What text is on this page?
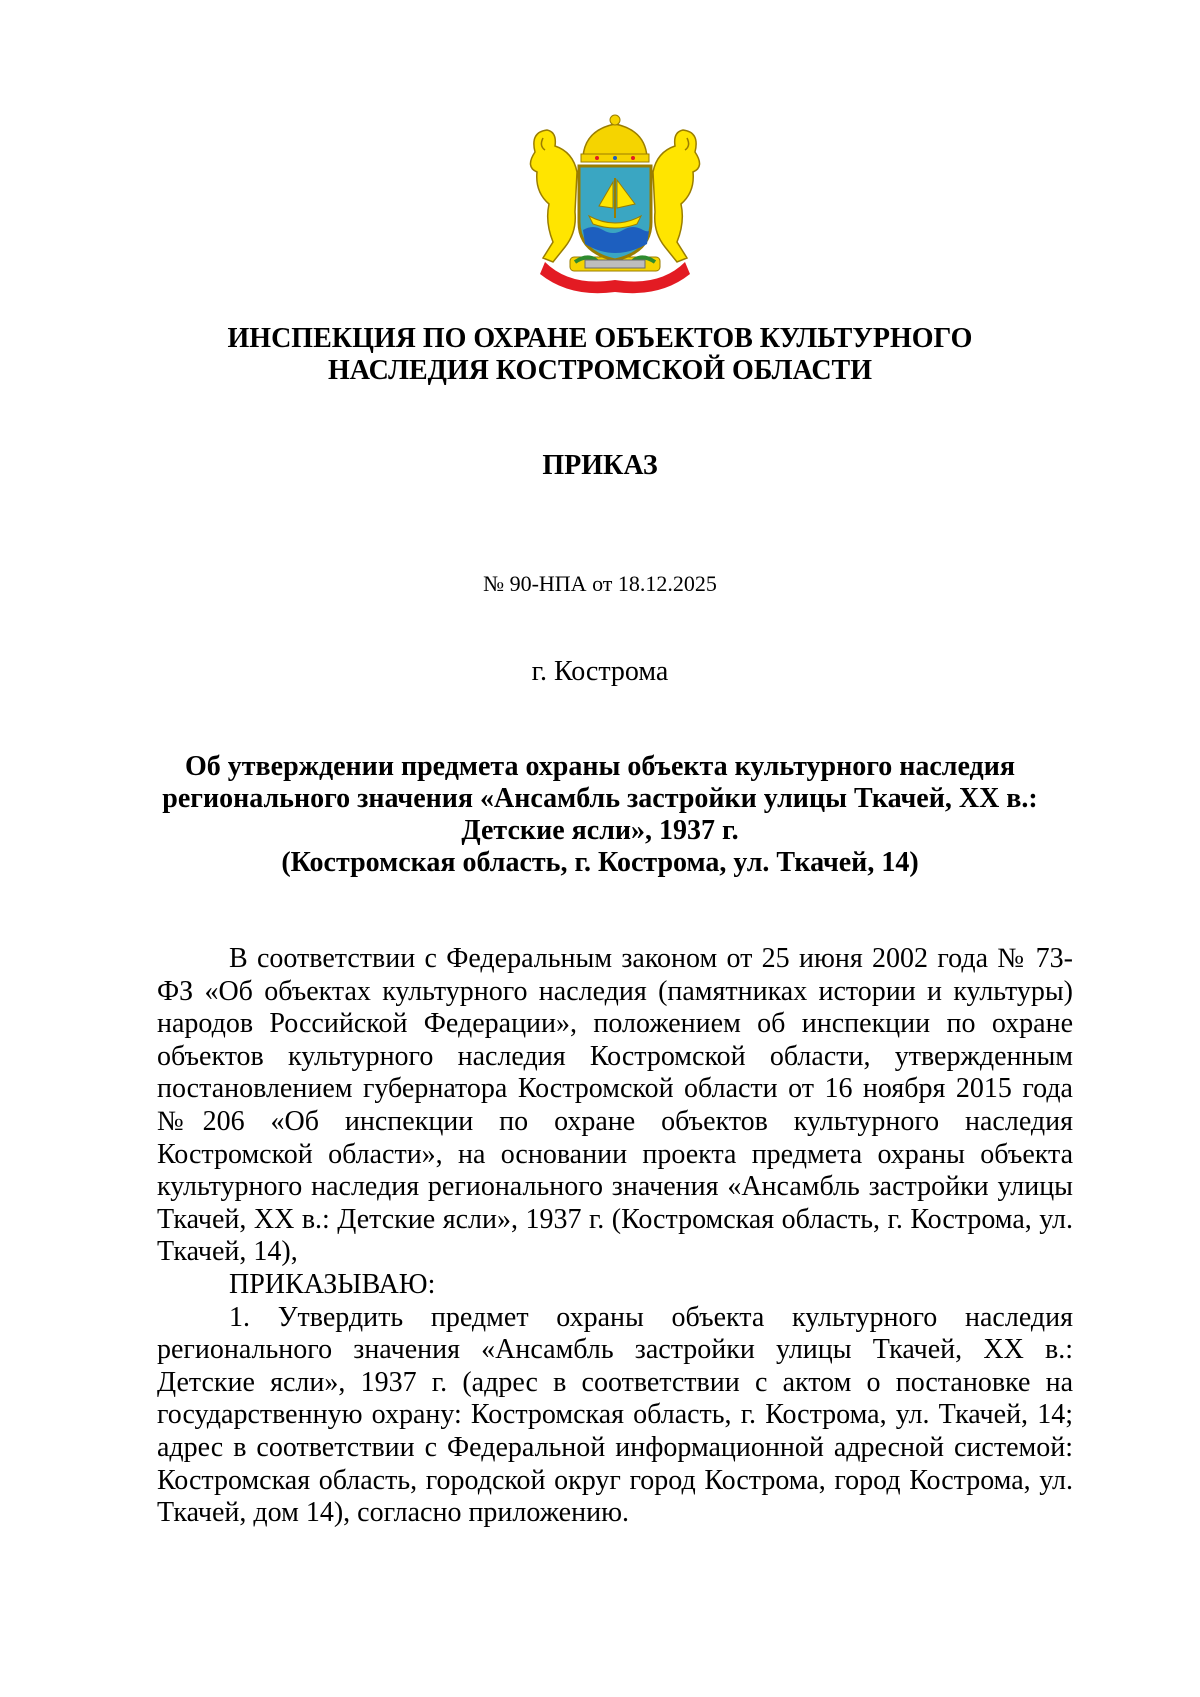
ИНСПЕКЦИЯ ПО ОХРАНЕ ОБЪЕКТОВ КУЛЬТУРНОГО
НАСЛЕДИЯ КОСТРОМСКОЙ ОБЛАСТИ
ПРИКАЗ
№ 90-НПА от 18.12.2025
г. Кострома
Об утверждении предмета охраны объекта культурного наследия
регионального значения «Ансамбль застройки улицы Ткачей, XX в.:
Детские ясли», 1937 г.
(Костромская область, г. Кострома, ул. Ткачей, 14)

В соответствии с Федеральным законом от 25 июня 2002 года № 73-ФЗ «Об объектах культурного наследия (памятниках истории и культуры) народов Российской Федерации», положением об инспекции по охране объектов культурного наследия Костромской области, утвержденным постановлением губернатора Костромской области от 16 ноября 2015 года №206 «Об инспекции по охране объектов культурного наследия Костромской области», на основании проекта предмета охраны объекта культурного наследия регионального значения «Ансамбль застройки улицы Ткачей, XX в.: Детские ясли», 1937 г. (Костромская область, г. Кострома, ул. Ткачей, 14),

ПРИКАЗЫВАЮ:

1. Утвердить предмет охраны объекта культурного наследия регионального значения «Ансамбль застройки улицы Ткачей, XX в.: Детские ясли», 1937 г. (адрес в соответствии с актом о постановке на государственную охрану: Костромская область, г. Кострома, ул. Ткачей, 14; адрес в соответствии с Федеральной информационной адресной системой: Костромская область, городской округ город Кострома, город Кострома, ул. Ткачей, дом 14), согласно приложению.
